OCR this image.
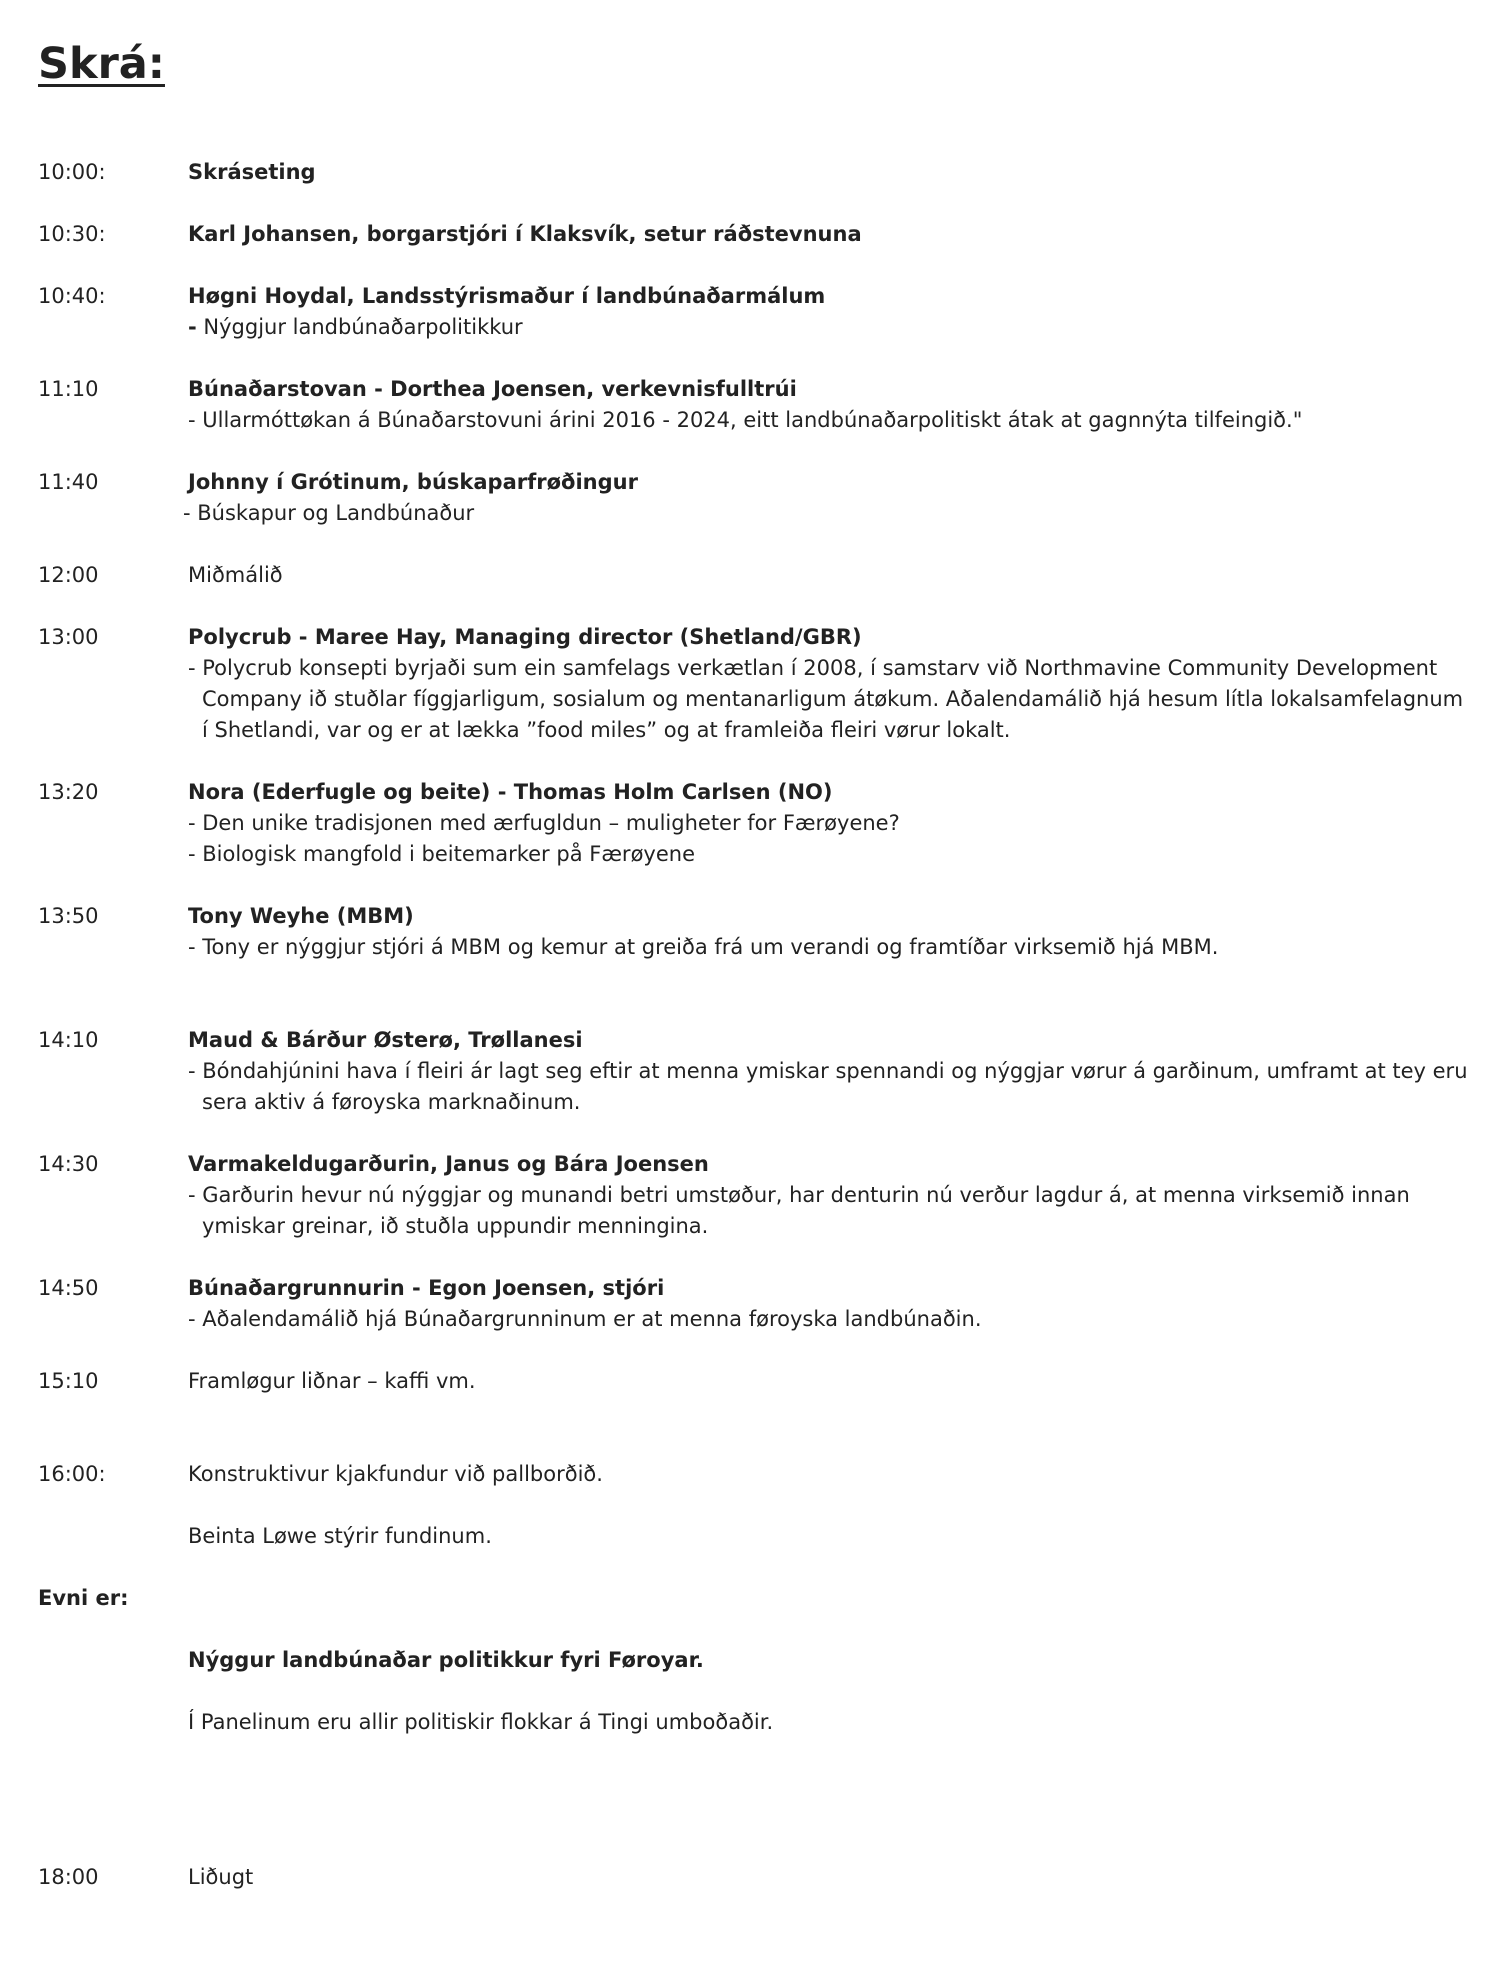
Skrá:
10:00:	Skráseting
10:30:	Karl Johansen, borgarstjóri í Klaksvík, setur ráðstevnuna
10:40:	Høgni Hoydal, Landsstýrismaður í landbúnaðarmálum
- Nýggjur landbúnaðarpolitikkur
11:10	Búnaðarstovan - Dorthea Joensen, verkevnisfulltrúi
- Ullarmóttøkan á Búnaðarstovuni árini 2016 - 2024, eitt landbúnaðarpolitiskt átak at gagnnýta tilfeingið."
11:40	Johnny í Grótinum, búskaparfrøðingur
- Búskapur og Landbúnaður
12:00	Miðmálið
13:00	Polycrub - Maree Hay, Managing director (Shetland/GBR)
- Polycrub konsepti byrjaði sum ein samfelags verkætlan í 2008, í samstarv við Northmavine Community Development Company ið stuðlar fíggjarligum, sosialum og mentanarligum átøkum. Aðalendamálið hjá hesum lítla lokalsamfelagnum í Shetlandi, var og er at lækka ”food miles” og at framleiða fleiri vørur lokalt.
13:20	Nora (Ederfugle og beite) - Thomas Holm Carlsen (NO)
- Den unike tradisjonen med ærfugldun – muligheter for Færøyene?
- Biologisk mangfold i beitemarker på Færøyene
13:50	Tony Weyhe (MBM)
- Tony er nýggjur stjóri á MBM og kemur at greiða frá um verandi og framtíðar virksemið hjá MBM.
14:10	Maud & Bárður Østerø, Trøllanesi
- Bóndahjúnini hava í fleiri ár lagt seg eftir at menna ymiskar spennandi og nýggjar vørur á garðinum, umframt at tey eru sera aktiv á føroyska marknaðinum.
14:30	Varmakeldugarðurin, Janus og Bára Joensen
- Garðurin hevur nú nýggjar og munandi betri umstøður, har denturin nú verður lagdur á, at menna virksemið innan ymiskar greinar, ið stuðla uppundir menningina.
14:50	Búnaðargrunnurin - Egon Joensen, stjóri
- Aðalendamálið hjá Búnaðargrunninum er at menna føroyska landbúnaðin.
15:10	Framløgur liðnar – kaffi vm.
16:00:	Konstruktivur kjakfundur við pallborðið.
Beinta Løwe stýrir fundinum.
Evni er:
Nýggur landbúnaðar politikkur fyri Føroyar.
Í Panelinum eru allir politiskir flokkar á Tingi umboðaðir.
18:00	Liðugt
